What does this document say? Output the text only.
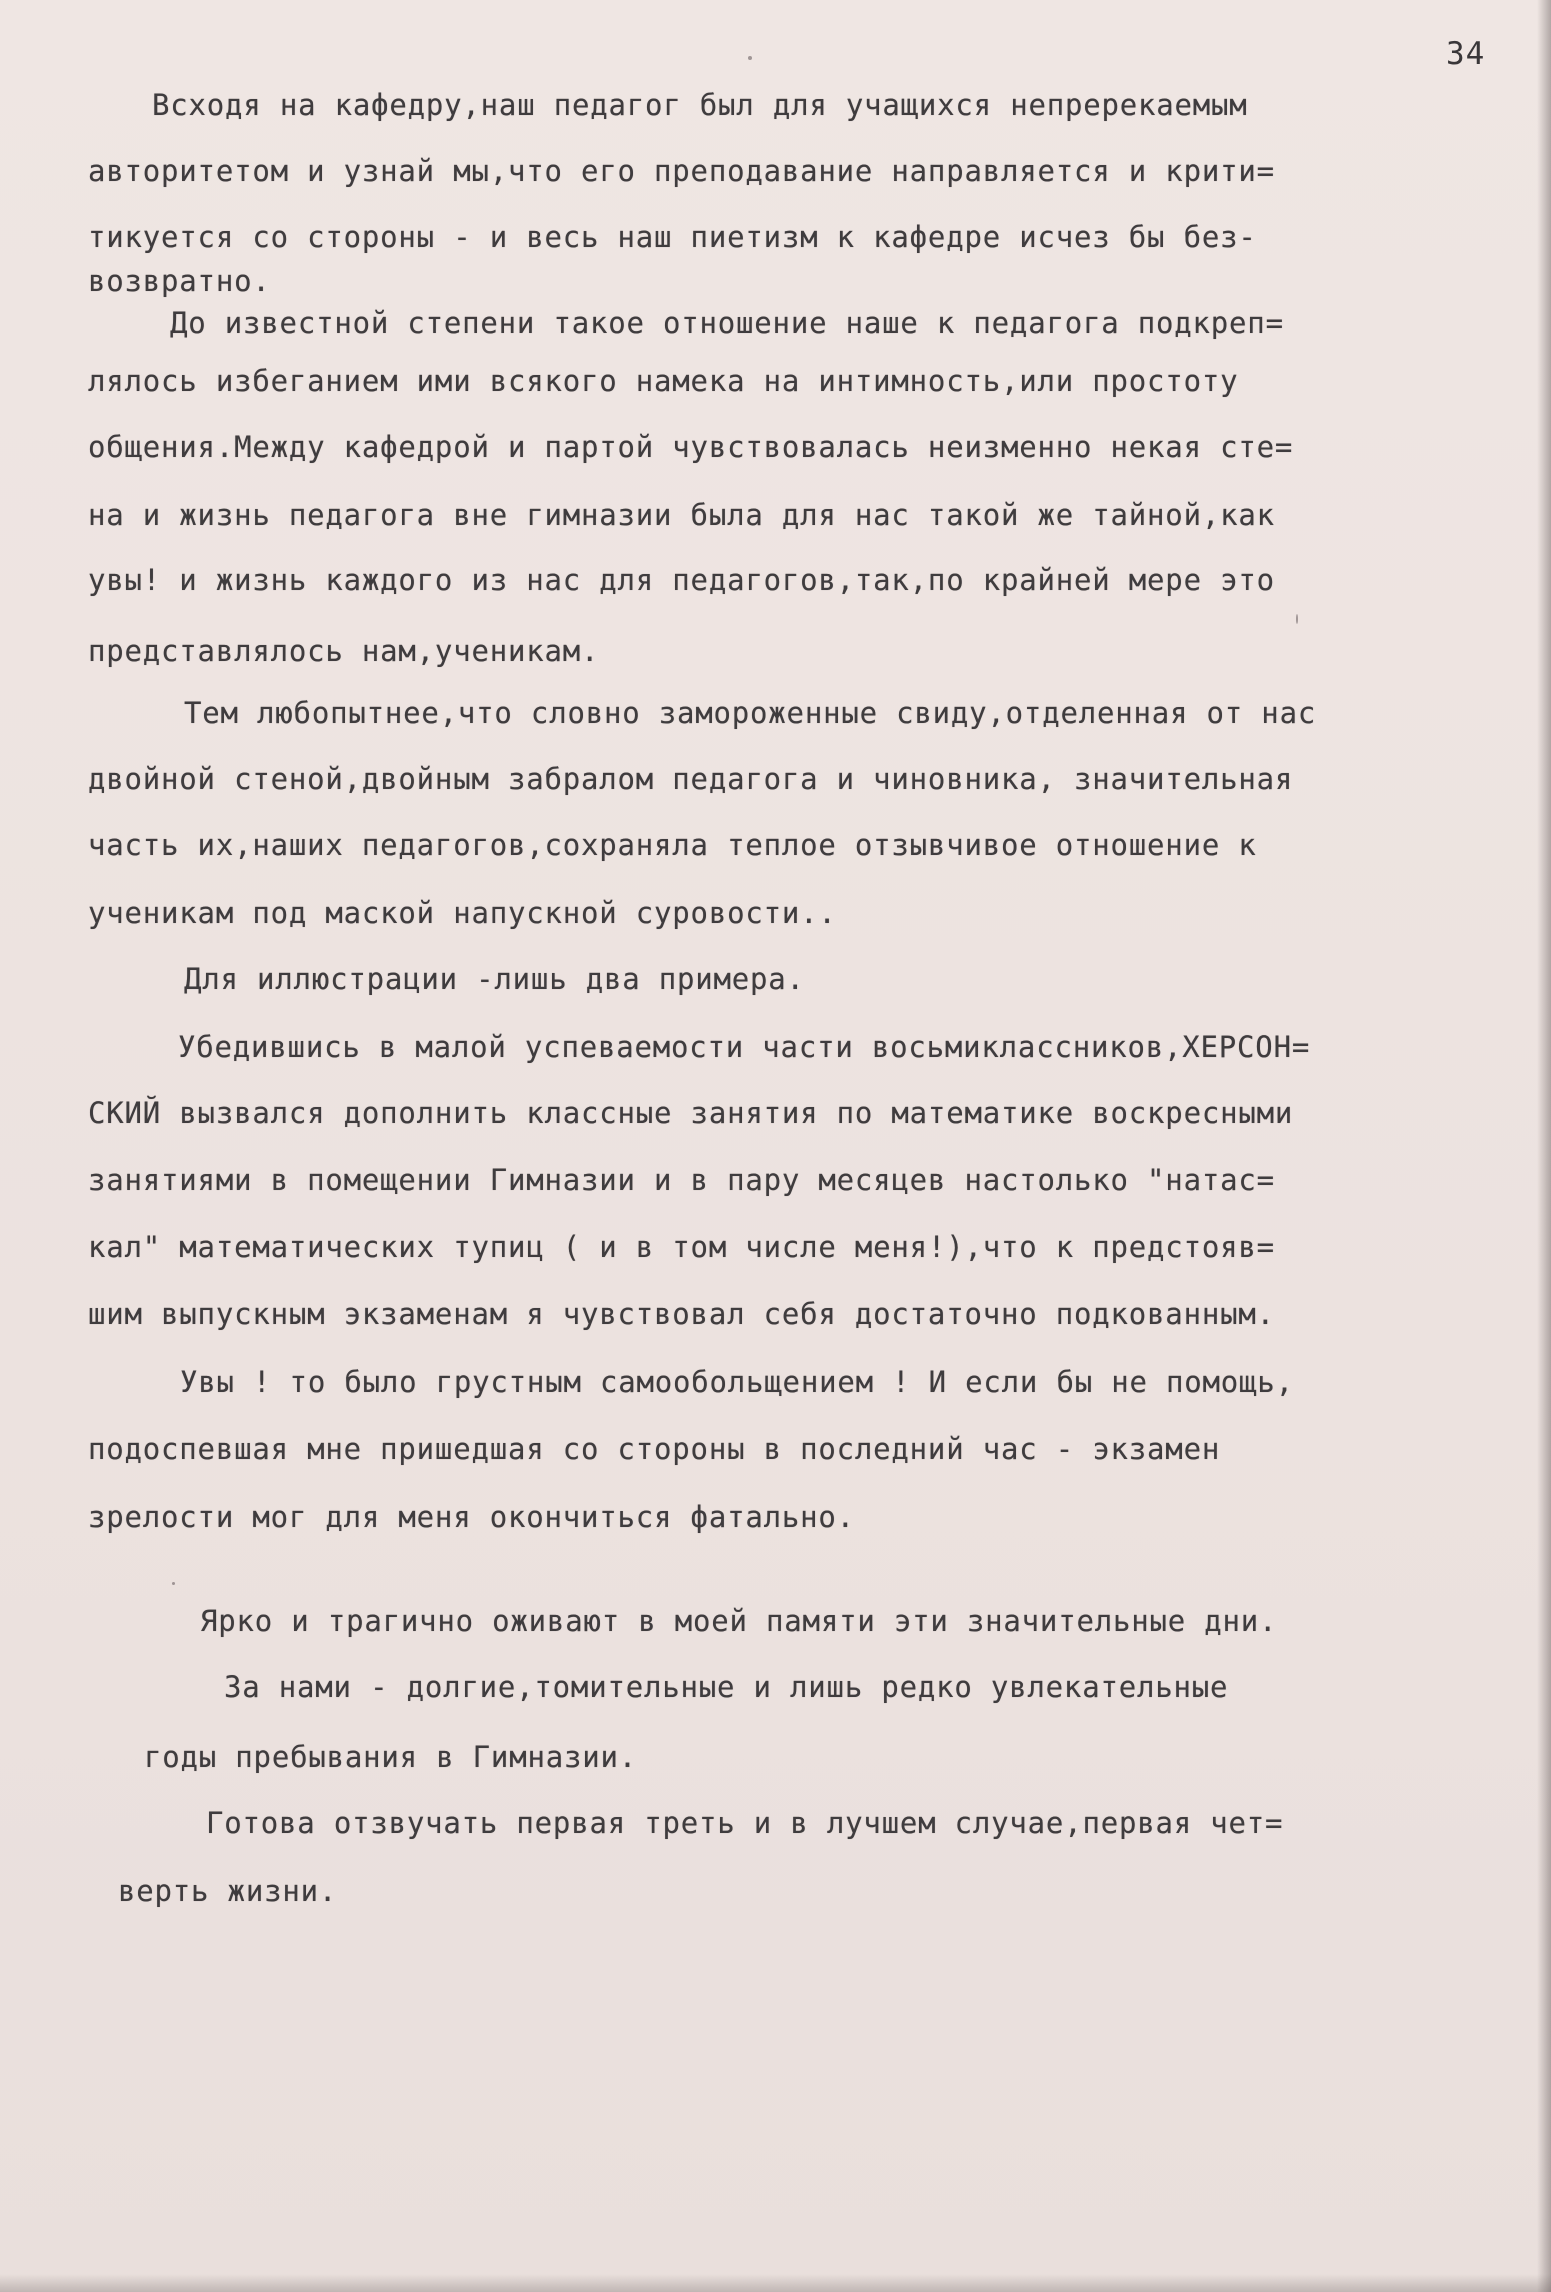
34
Всходя на кафедру,наш педагог был для учащихся непререкаемым
авторитетом и узнай мы,что его преподавание направляется и крити=
тикуется со стороны - и весь наш пиетизм к кафедре исчез бы без-
возвратно.
До известной степени такое отношение наше к педагога подкреп=
лялось избеганием ими всякого намека на интимность,или простоту
общения.Между кафедрой и партой чувствовалась неизменно некая сте=
на и жизнь педагога вне гимназии была для нас такой же тайной,как
увы! и жизнь каждого из нас для педагогов,так,по крайней мере это
представлялось нам,ученикам.
Тем любопытнее,что словно замороженные свиду,отделенная от нас
двойной стеной,двойным забралом педагога и чиновника, значительная
часть их,наших педагогов,сохраняла теплое отзывчивое отношение к
ученикам под маской напускной суровости..
Для иллюстрации -лишь два примера.
Убедившись в малой успеваемости части восьмиклассников,ХЕРСОН=
СКИЙ вызвался дополнить классные занятия по математике воскресными
занятиями в помещении Гимназии и в пару месяцев настолько "натас=
кал" математических тупиц ( и в том числе меня!),что к предстояв=
шим выпускным экзаменам я чувствовал себя достаточно подкованным.
Увы ! то было грустным самообольщением ! И если бы не помощь,
подоспевшая мне пришедшая со стороны в последний час - экзамен
зрелости мог для меня окончиться фатально.
Ярко и трагично оживают в моей памяти эти значительные дни.
За нами - долгие,томительные и лишь редко увлекательные
годы пребывания в Гимназии.
Готова отзвучать первая треть и в лучшем случае,первая чет=
верть жизни.
